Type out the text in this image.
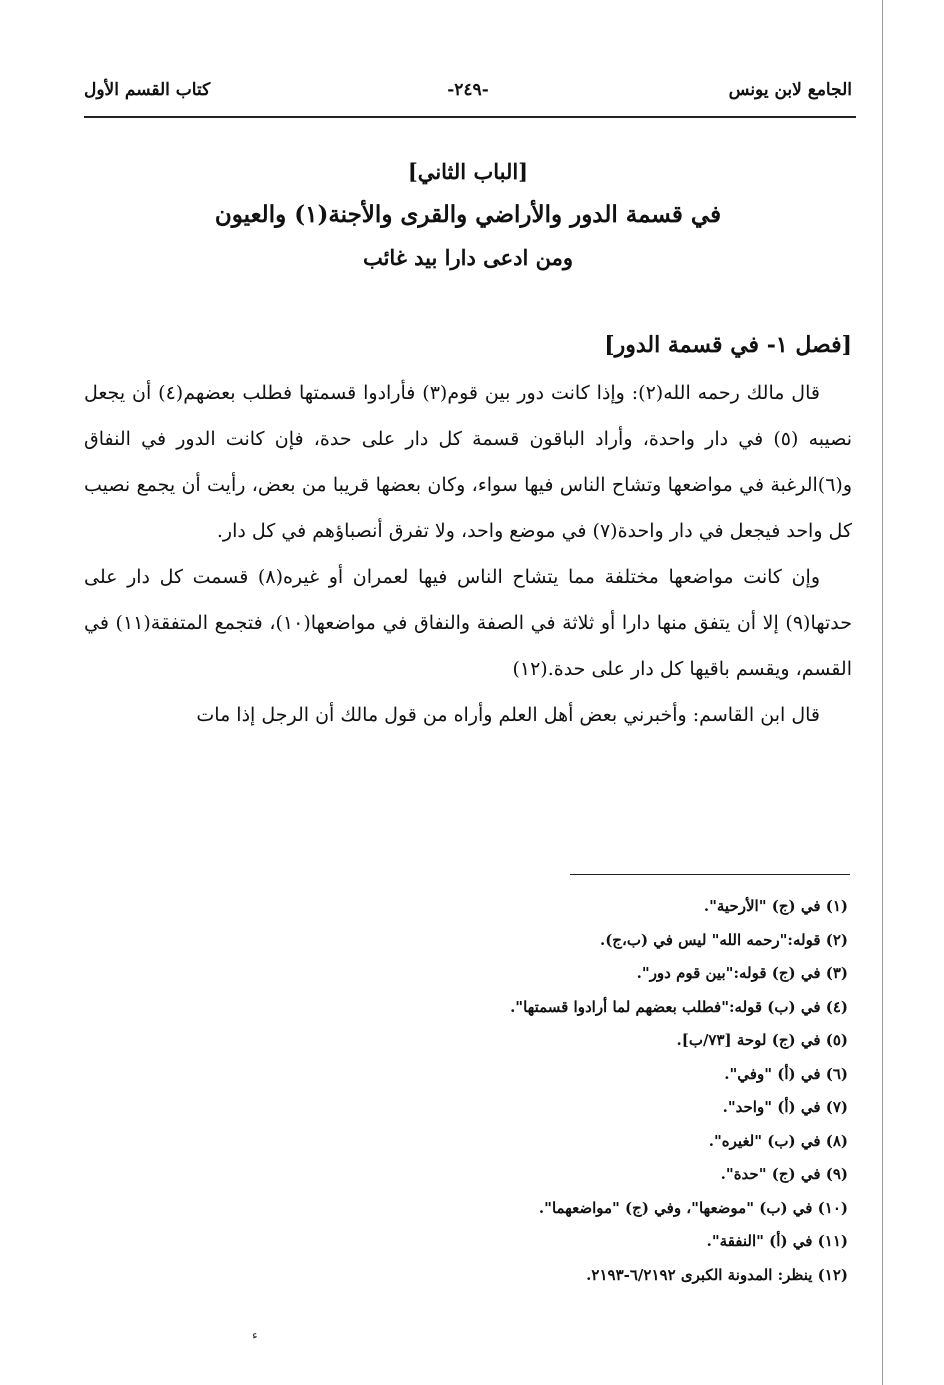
الجامع لابن يونس
-٢٤٩-
كتاب القسم الأول
[الباب الثاني]
في قسمة الدور والأراضي والقرى والأجنة(١) والعيون
ومن ادعى دارا بيد غائب
[فصل ١- في قسمة الدور]

قال مالك رحمه الله(٢): وإذا كانت دور بين قوم(٣) فأرادوا قسمتها فطلب بعضهم(٤) أن يجعل نصيبه (٥) في دار واحدة، وأراد الباقون قسمة كل دار على حدة، فإن كانت الدور في النفاق و(٦)الرغبة في مواضعها وتشاح الناس فيها سواء، وكان بعضها قريبا من بعض، رأيت أن يجمع نصيب كل واحد فيجعل في دار واحدة(٧) في موضع واحد، ولا تفرق أنصباؤهم في كل دار.

وإن كانت مواضعها مختلفة مما يتشاح الناس فيها لعمران أو غيره(٨) قسمت كل دار على حدتها(٩) إلا أن يتفق منها دارا أو ثلاثة في الصفة والنفاق في مواضعها(١٠)، فتجمع المتفقة(١١) في القسم، ويقسم باقيها كل دار على حدة.(١٢)

قال ابن القاسم: وأخبرني بعض أهل العلم وأراه من قول مالك أن الرجل إذا مات

(١) في (ج) "الأرحية".
(٢) قوله:"رحمه الله" ليس في (ب،ج).
(٣) في (ج) قوله:"بين قوم دور".
(٤) في (ب) قوله:"فطلب بعضهم لما أرادوا قسمتها".
(٥) في (ج) لوحة [٧٣/ب].
(٦) في (أ) "وفي".
(٧) في (أ) "واحد".
(٨) في (ب) "لغيره".
(٩) في (ج) "حدة".
(١٠) في (ب) "موضعها"، وفي (ج) "مواضعهما".
(١١) في (أ) "النفقة".
(١٢) ينظر: المدونة الكبرى ٦/٢١٩٢-٢١٩٣.
ء
